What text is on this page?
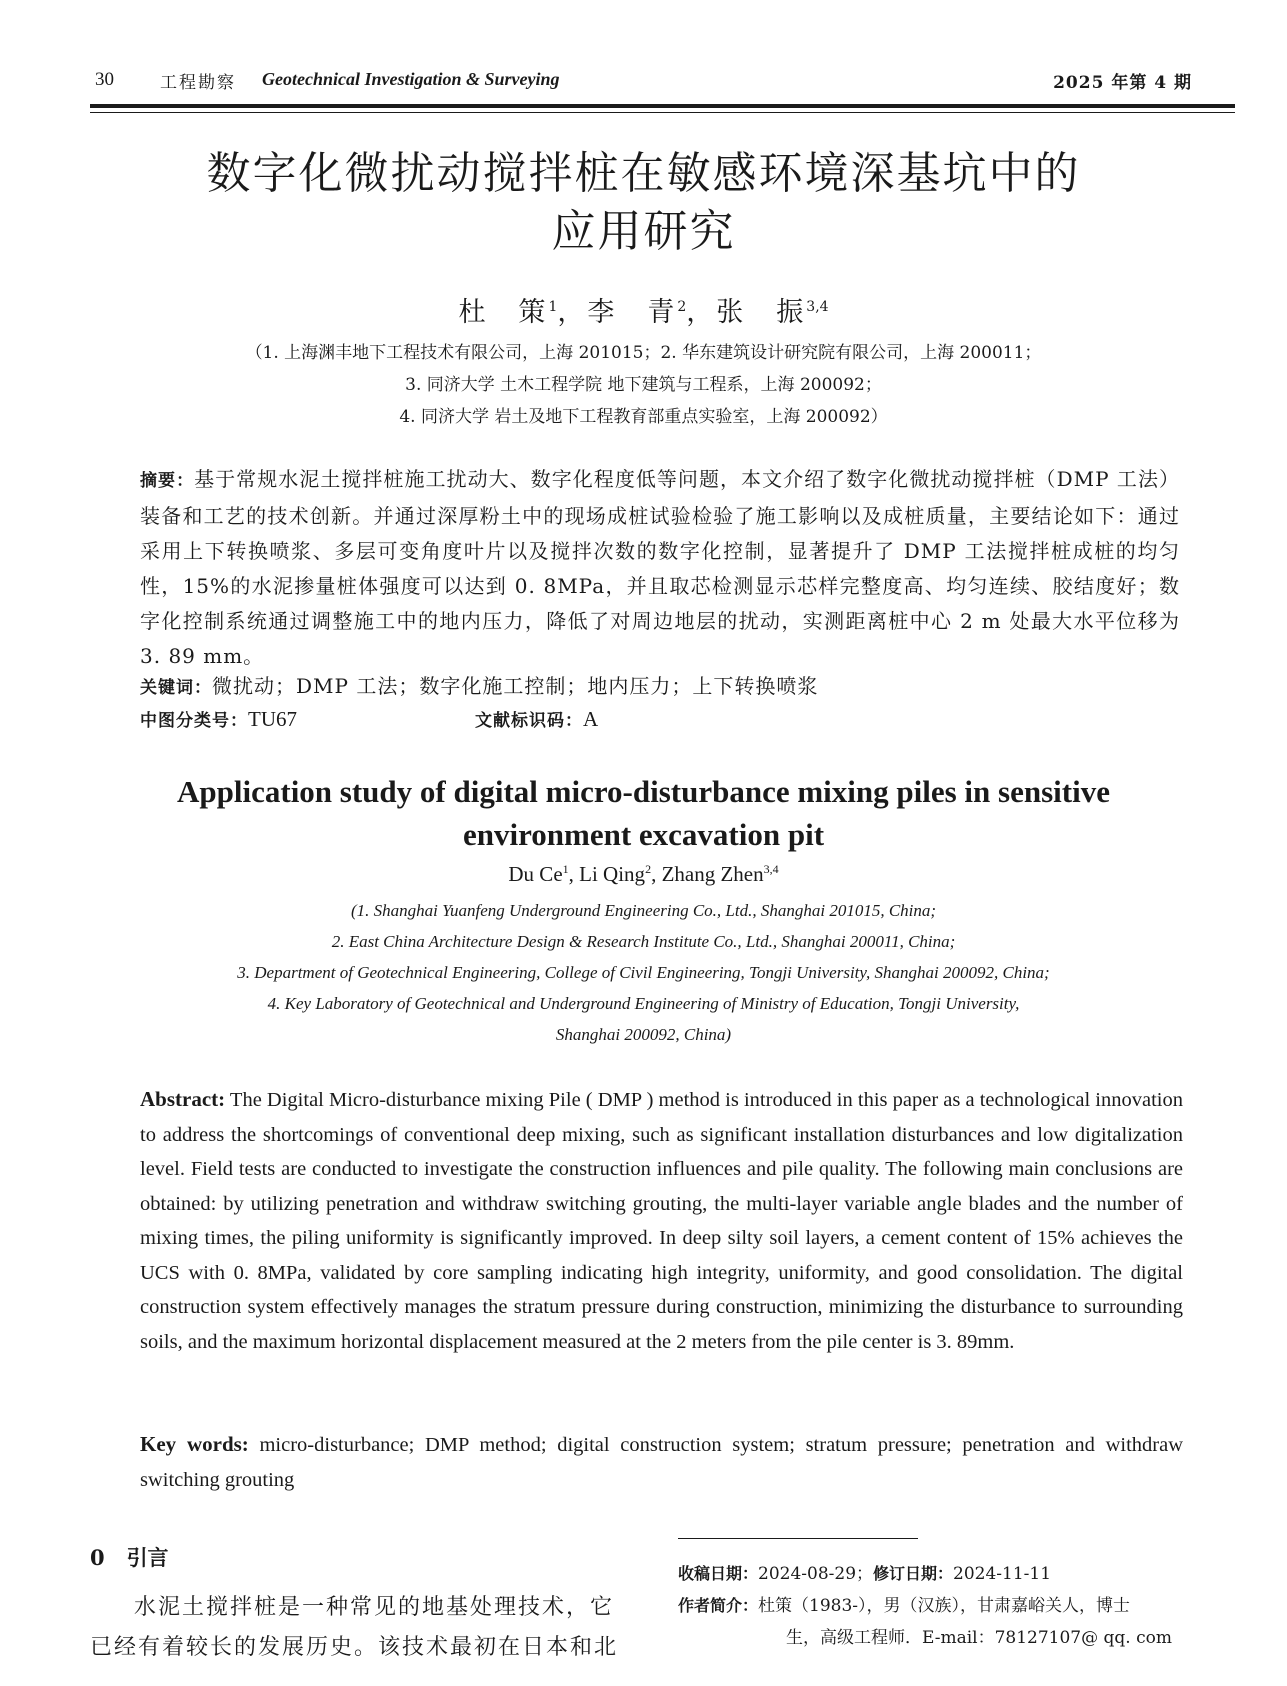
30	工程勘察 Geotechnical Investigation & Surveying	2025 年第 4 期
数字化微扰动搅拌桩在敏感环境深基坑中的
应用研究
杜　策$^1$，李　青$^2$，张　振$^{3,4}$
（1. 上海渊丰地下工程技术有限公司，上海 201015；2. 华东建筑设计研究院有限公司，上海 200011；
3. 同济大学 土木工程学院 地下建筑与工程系，上海 200092；
4. 同济大学 岩土及地下工程教育部重点实验室，上海 200092）
摘要：基于常规水泥土搅拌桩施工扰动大、数字化程度低等问题，本文介绍了数字化微扰动搅拌桩（DMP 工法）装备和工艺的技术创新。并通过深厚粉土中的现场成桩试验检验了施工影响以及成桩质量，主要结论如下：通过采用上下转换喷浆、多层可变角度叶片以及搅拌次数的数字化控制，显著提升了 DMP 工法搅拌桩成桩的均匀性，15%的水泥掺量桩体强度可以达到 0. 8MPa，并且取芯检测显示芯样完整度高、均匀连续、胶结度好；数字化控制系统通过调整施工中的地内压力，降低了对周边地层的扰动，实测距离桩中心 2 m 处最大水平位移为 3. 89 mm。
关键词：微扰动；DMP 工法；数字化施工控制；地内压力；上下转换喷浆
中图分类号：TU67	文献标识码：A
Application study of digital micro-disturbance mixing piles in sensitive
environment excavation pit
Du Ce$^1$, Li Qing$^2$, Zhang Zhen$^{3,4}$
(1. Shanghai Yuanfeng Underground Engineering Co., Ltd., Shanghai 201015, China;
2. East China Architecture Design & Research Institute Co., Ltd., Shanghai 200011, China;
3. Department of Geotechnical Engineering, College of Civil Engineering, Tongji University, Shanghai 200092, China;
4. Key Laboratory of Geotechnical and Underground Engineering of Ministry of Education, Tongji University,
Shanghai 200092, China)
Abstract: The Digital Micro-disturbance mixing Pile ( DMP ) method is introduced in this paper as a technological innovation to address the shortcomings of conventional deep mixing, such as significant installation disturbances and low digitalization level. Field tests are conducted to investigate the construction influences and pile quality. The following main conclusions are obtained: by utilizing penetration and withdraw switching grouting, the multi-layer variable angle blades and the number of mixing times, the piling uniformity is significantly improved. In deep silty soil layers, a cement content of 15% achieves the UCS with 0. 8MPa, validated by core sampling indicating high integrity, uniformity, and good consolidation. The digital construction system effectively manages the stratum pressure during construction, minimizing the disturbance to surrounding soils, and the maximum horizontal displacement measured at the 2 meters from the pile center is 3. 89mm.
Key words: micro-disturbance; DMP method; digital construction system; stratum pressure; penetration and withdraw switching grouting
0 引言
水泥土搅拌桩是一种常见的地基处理技术，它
已经有着较长的发展历史。该技术最初在日本和北
收稿日期：2024-08-29；修订日期：2024-11-11
作者简介：杜策（1983-），男（汉族），甘肃嘉峪关人，博士
生，高级工程师．E-mail：78127107@ qq. com
